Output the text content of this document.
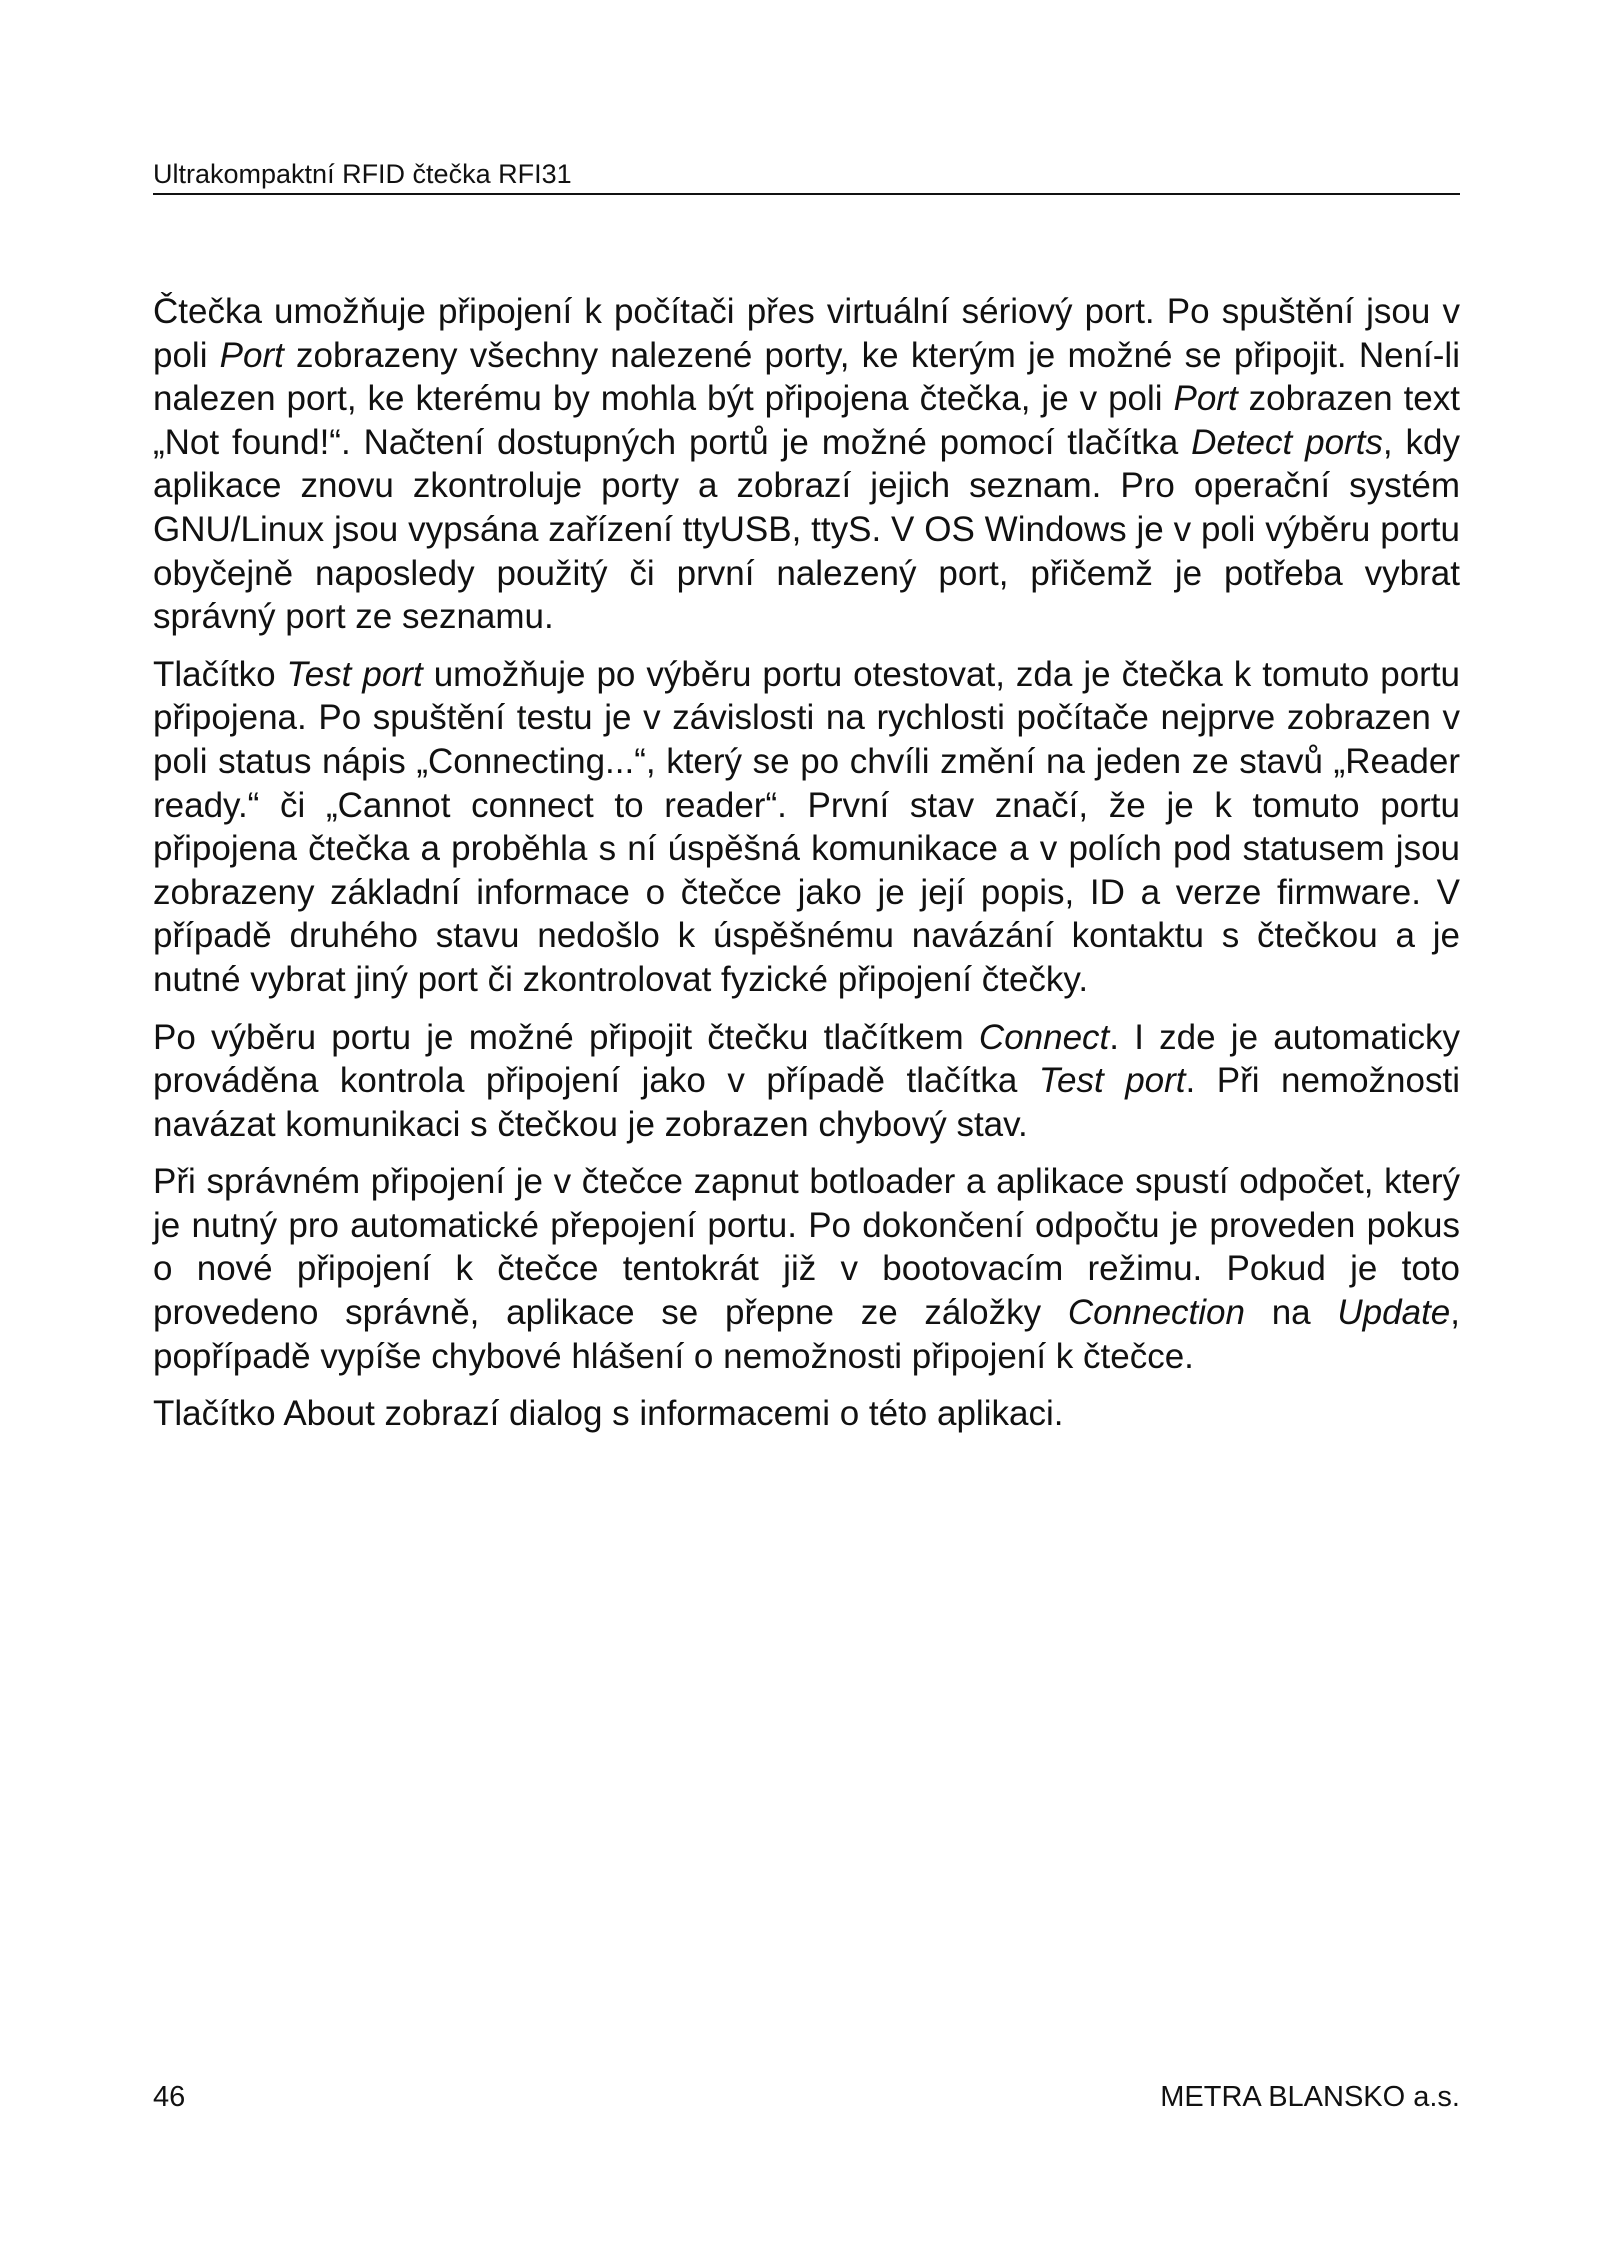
Ultrakompaktní RFID čtečka RFI31

Čtečka umožňuje připojení k počítači přes virtuální sériový port. Po spuštění jsou v poli Port zobrazeny všechny nalezené porty, ke kterým je možné se připojit. Není-li nalezen port, ke kterému by mohla být připojena čtečka, je v poli Port zobrazen text „Not found!“. Načtení dostupných portů je možné pomocí tlačítka Detect ports, kdy aplikace znovu zkontroluje porty a zobrazí jejich seznam. Pro operační systém GNU/Linux jsou vypsána zařízení ttyUSB, ttyS. V OS Windows je v poli výběru portu obyčejně naposledy použitý či první nalezený port, přičemž je potřeba vybrat správný port ze seznamu.

Tlačítko Test port umožňuje po výběru portu otestovat, zda je čtečka k tomuto portu připojena. Po spuštění testu je v závislosti na rychlosti počítače nejprve zobrazen v poli status nápis „Connecting...“, který se po chvíli změní na jeden ze stavů „Reader ready.“ či „Cannot connect to reader“. První stav značí, že je k tomuto portu připojena čtečka a proběhla s ní úspěšná komunikace a v polích pod statusem jsou zobrazeny základní informace o čtečce jako je její popis, ID a verze firmware. V případě druhého stavu nedošlo k úspěšnému navázání kontaktu s čtečkou a je nutné vybrat jiný port či zkontrolovat fyzické připojení čtečky.

Po výběru portu je možné připojit čtečku tlačítkem Connect. I zde je automaticky prováděna kontrola připojení jako v případě tlačítka Test port. Při nemožnosti navázat komunikaci s čtečkou je zobrazen chybový stav.

Při správném připojení je v čtečce zapnut botloader a aplikace spustí odpočet, který je nutný pro automatické přepojení portu. Po dokončení odpočtu je proveden pokus o nové připojení k čtečce tentokrát již v bootovacím režimu. Pokud je toto provedeno správně, aplikace se přepne ze záložky Connection na Update, popřípadě vypíše chybové hlášení o nemožnosti připojení k čtečce.

Tlačítko About zobrazí dialog s informacemi o této aplikaci.

46	METRA BLANSKO a.s.
